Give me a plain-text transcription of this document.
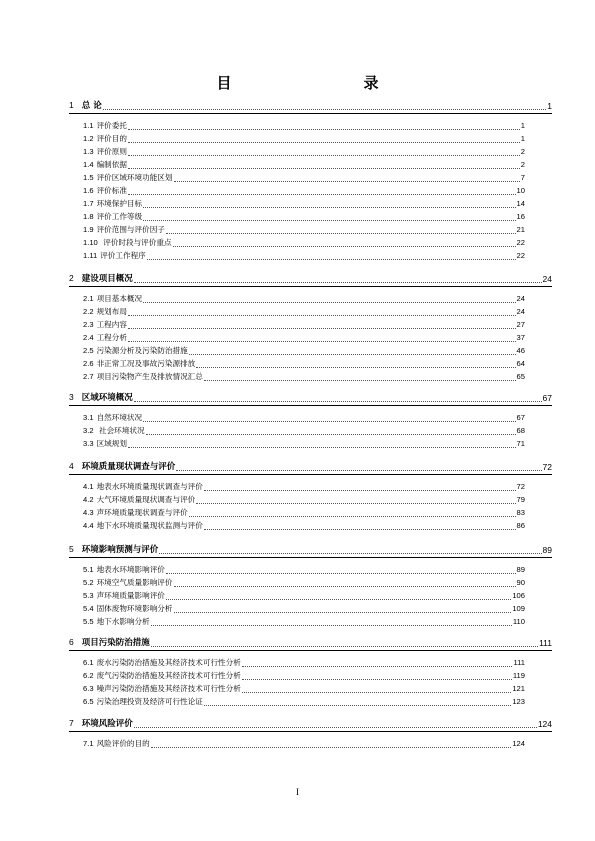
目　　录
1 总 论	1
1.1 评价委托	1
1.2 评价目的	1
1.3 评价原则	2
1.4 编制依据	2
1.5 评价区域环境功能区划	7
1.6 评价标准	10
1.7 环境保护目标	14
1.8 评价工作等级	16
1.9 评价范围与评价因子	21
1.10 评价时段与评价重点	22
1.11 评价工作程序	22
2 建设项目概况	24
2.1 项目基本概况	24
2.2 规划布局	24
2.3 工程内容	27
2.4 工程分析	37
2.5 污染源分析及污染防治措施	46
2.6 非正常工况及事故污染源排放	64
2.7 项目污染物产生及排放情况汇总	65
3 区域环境概况	67
3.1 自然环境状况	67
3.2 社会环境状况	68
3.3 区域规划	71
4 环境质量现状调查与评价	72
4.1 地表水环境质量现状调查与评价	72
4.2 大气环境质量现状调查与评价	79
4.3 声环境质量现状调查与评价	83
4.4 地下水环境质量现状监测与评价	86
5 环境影响预测与评价	89
5.1 地表水环境影响评价	89
5.2 环境空气质量影响评价	90
5.3 声环境质量影响评价	106
5.4 固体废物环境影响分析	109
5.5 地下水影响分析	110
6 项目污染防治措施	111
6.1 废水污染防治措施及其经济技术可行性分析	111
6.2 废气污染防治措施及其经济技术可行性分析	119
6.3 噪声污染防治措施及其经济技术可行性分析	121
6.5 污染治理投资及经济可行性论证	123
7 环境风险评价	124
7.1 风险评价的目的	124
I
